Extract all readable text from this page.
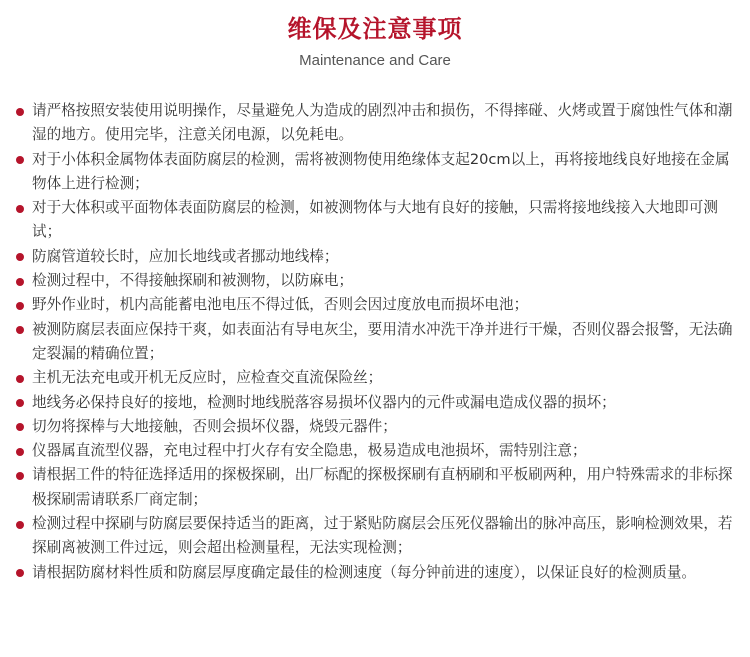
维保及注意事项
Maintenance and Care
请严格按照安装使用说明操作，尽量避免人为造成的剧烈冲击和损伤，不得摔碰、火烤或置于腐蚀性气体和潮湿的地方。使用完毕，注意关闭电源，以免耗电。
对于小体积金属物体表面防腐层的检测，需将被测物使用绝缘体支起20cm以上，再将接地线良好地接在金属物体上进行检测；
对于大体积或平面物体表面防腐层的检测，如被测物体与大地有良好的接触，只需将接地线接入大地即可测试；
防腐管道较长时，应加长地线或者挪动地线棒；
检测过程中，不得接触探刷和被测物，以防麻电；
野外作业时，机内高能蓄电池电压不得过低，否则会因过度放电而损坏电池；
被测防腐层表面应保持干爽，如表面沾有导电灰尘，要用清水冲洗干净并进行干燥，否则仪器会报警，无法确定裂漏的精确位置；
主机无法充电或开机无反应时，应检查交直流保险丝；
地线务必保持良好的接地，检测时地线脱落容易损坏仪器内的元件或漏电造成仪器的损坏；
切勿将探棒与大地接触，否则会损坏仪器，烧毁元器件；
仪器属直流型仪器，充电过程中打火存有安全隐患，极易造成电池损坏，需特别注意；
请根据工件的特征选择适用的探极探刷，出厂标配的探极探刷有直柄刷和平板刷两种，用户特殊需求的非标探极探刷需请联系厂商定制；
检测过程中探刷与防腐层要保持适当的距离，过于紧贴防腐层会压死仪器输出的脉冲高压，影响检测效果，若探刷离被测工件过远，则会超出检测量程，无法实现检测；
请根据防腐材料性质和防腐层厚度确定最佳的检测速度（每分钟前进的速度），以保证良好的检测质量。
